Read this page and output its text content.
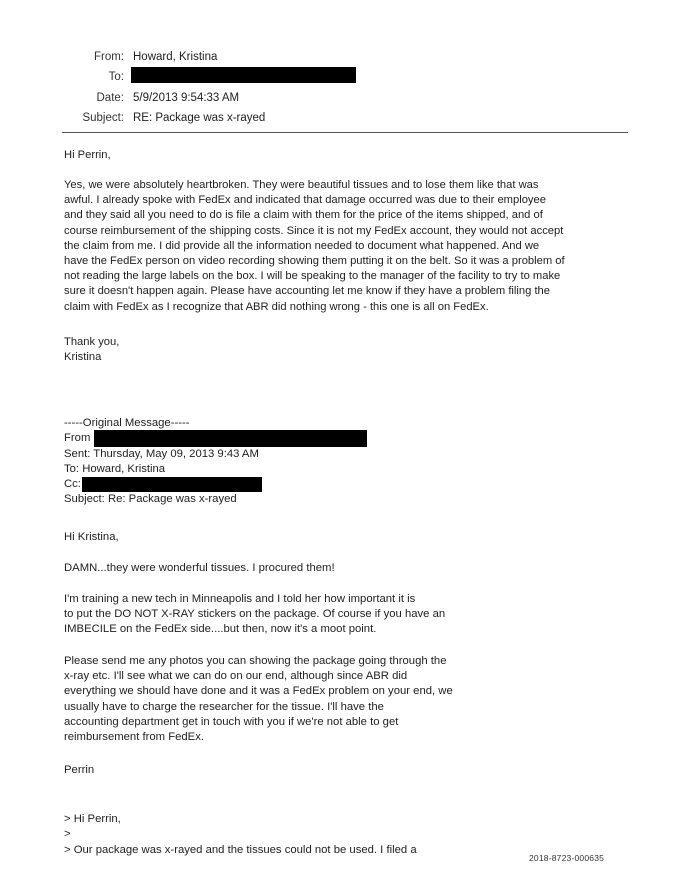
From: Howard, Kristina
To:
Date: 5/9/2013 9:54:33 AM
Subject: RE: Package was x-rayed
Hi Perrin,
Yes, we were absolutely heartbroken. They were beautiful tissues and to lose them like that was
awful. I already spoke with FedEx and indicated that damage occurred was due to their employee
and they said all you need to do is file a claim with them for the price of the items shipped, and of
course reimbursement of the shipping costs. Since it is not my FedEx account, they would not accept
the claim from me. I did provide all the information needed to document what happened. And we
have the FedEx person on video recording showing them putting it on the belt. So it was a problem of
not reading the large labels on the box. I will be speaking to the manager of the facility to try to make
sure it doesn't happen again. Please have accounting let me know if they have a problem filing the
claim with FedEx as I recognize that ABR did nothing wrong - this one is all on FedEx.
Thank you,
Kristina
-----Original Message-----
From
Sent: Thursday, May 09, 2013 9:43 AM
To: Howard, Kristina
Cc:
Subject: Re: Package was x-rayed
Hi Kristina,
DAMN...they were wonderful tissues. I procured them!

I'm training a new tech in Minneapolis and I told her how important it is

to put the DO NOT X-RAY stickers on the package. Of course if you have an

IMBECILE on the FedEx side....but then, now it's a moot point.

Please send me any photos you can showing the package going through the

x-ray etc. I'll see what we can do on our end, although since ABR did

everything we should have done and it was a FedEx problem on your end, we

usually have to charge the researcher for the tissue. I'll have the

accounting department get in touch with you if we're not able to get

reimbursement from FedEx.

Perrin
> Hi Perrin,
>
> Our package was x-rayed and the tissues could not be used. I filed a
2018-8723-000635
